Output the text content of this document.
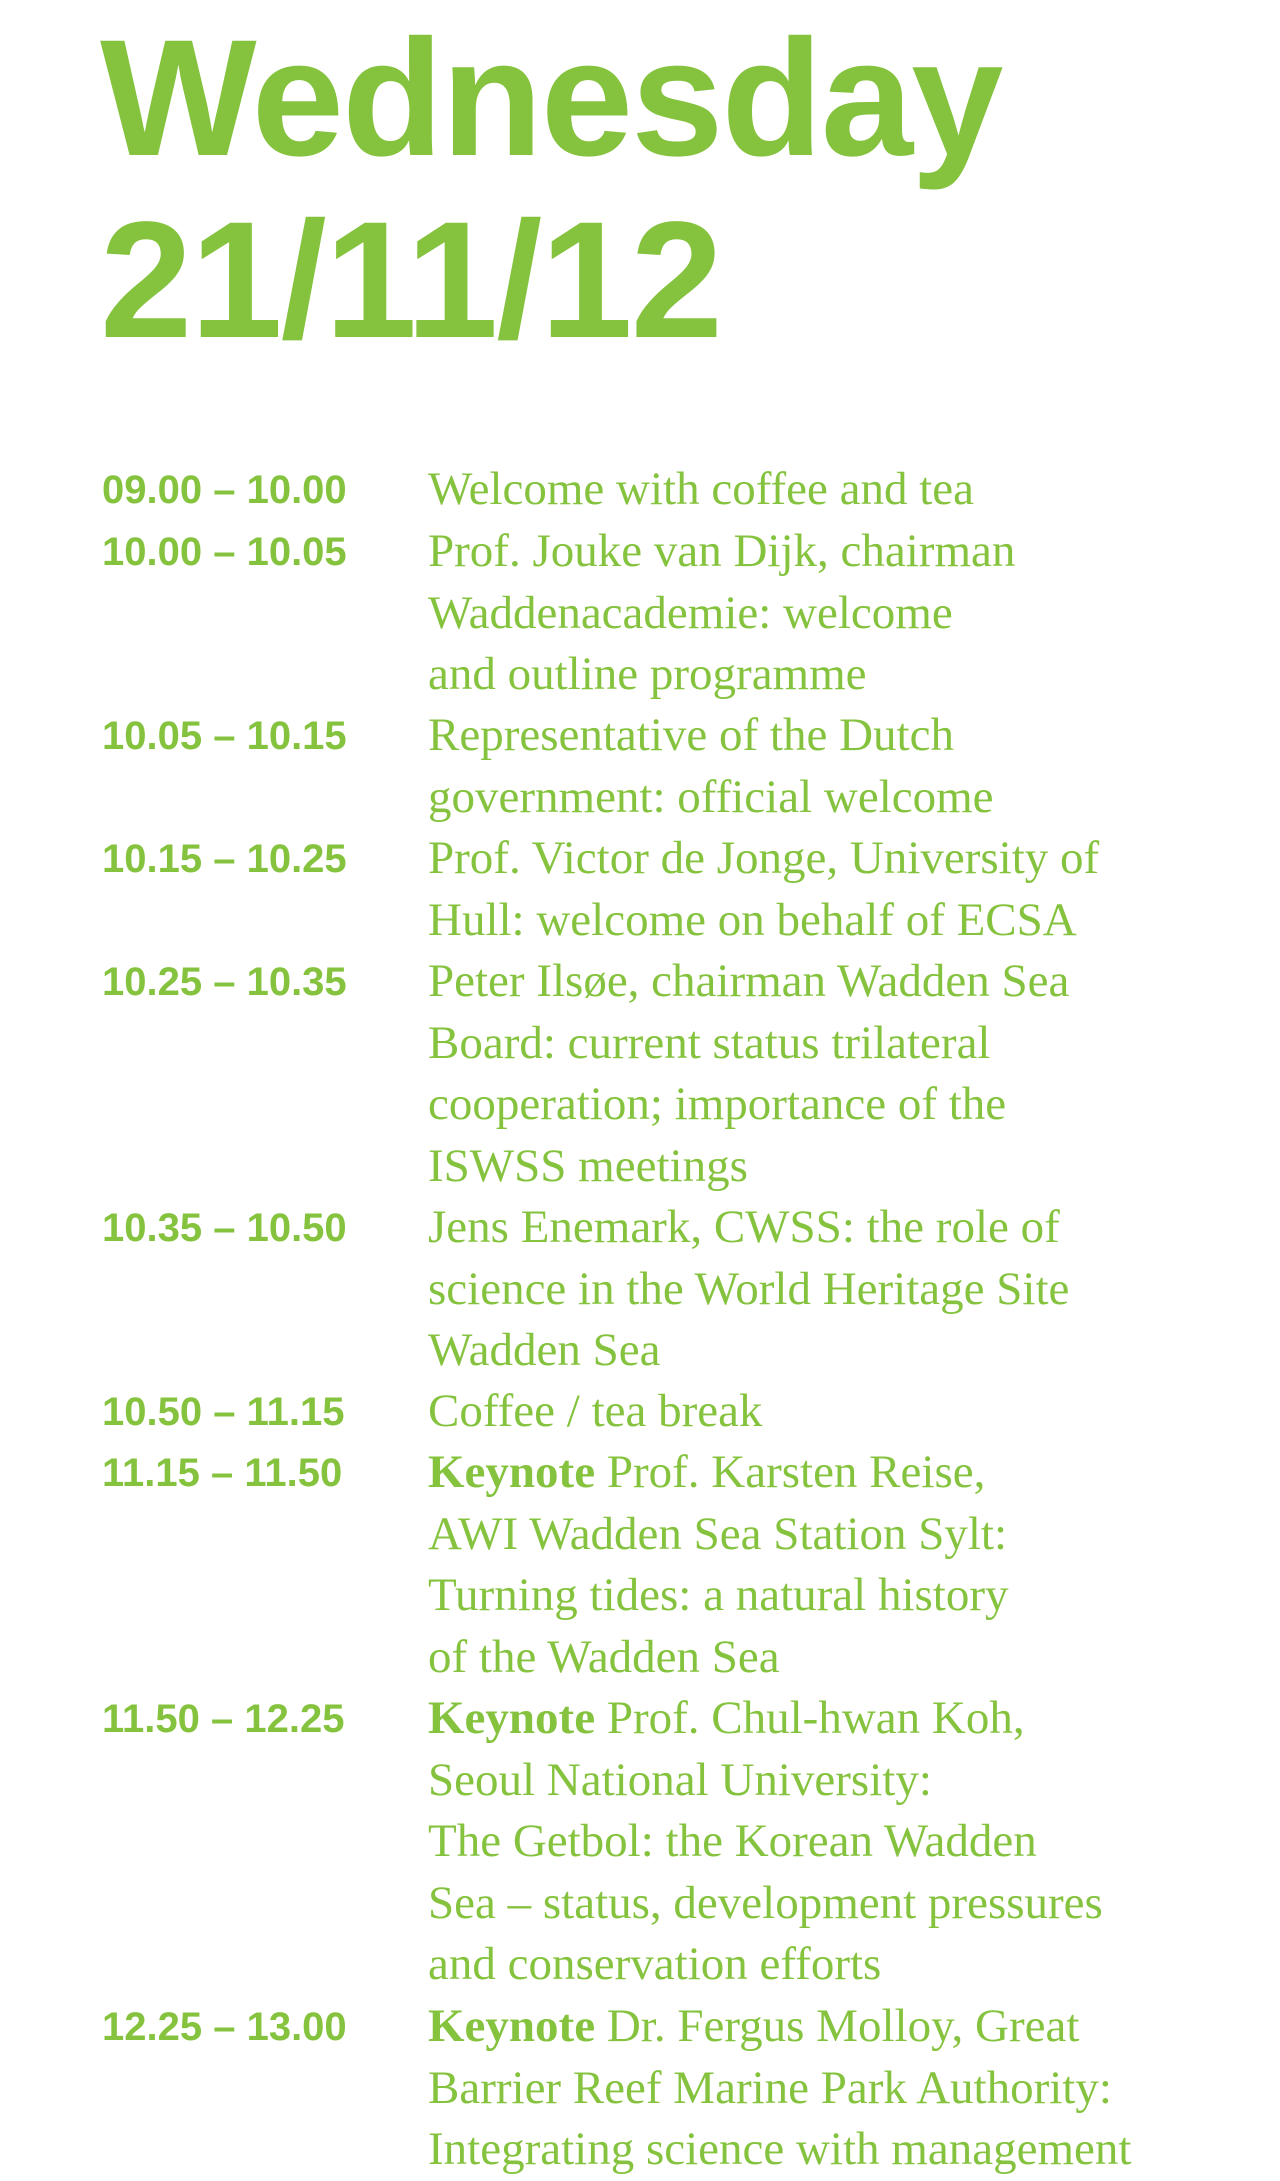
Wednesday
21/11/12
09.00 – 10.00 Welcome with coffee and tea
10.00 – 10.05 Prof. Jouke van Dijk, chairman
Waddenacademie: welcome
and outline programme
10.05 – 10.15 Representative of the Dutch
government: official welcome
10.15 – 10.25 Prof. Victor de Jonge, University of
Hull: welcome on behalf of ECSA
10.25 – 10.35 Peter Ilsøe, chairman Wadden Sea
Board: current status trilateral
cooperation; importance of the
ISWSS meetings
10.35 – 10.50 Jens Enemark, CWSS: the role of
science in the World Heritage Site
Wadden Sea
10.50 – 11.15 Coffee / tea break
11.15 – 11.50 Keynote Prof. Karsten Reise,
AWI Wadden Sea Station Sylt:
Turning tides: a natural history
of the Wadden Sea
11.50 – 12.25 Keynote Prof. Chul-hwan Koh,
Seoul National University:
The Getbol: the Korean Wadden
Sea – status, development pressures
and conservation efforts
12.25 – 13.00 Keynote Dr. Fergus Molloy, Great
Barrier Reef Marine Park Authority:
Integrating science with management
